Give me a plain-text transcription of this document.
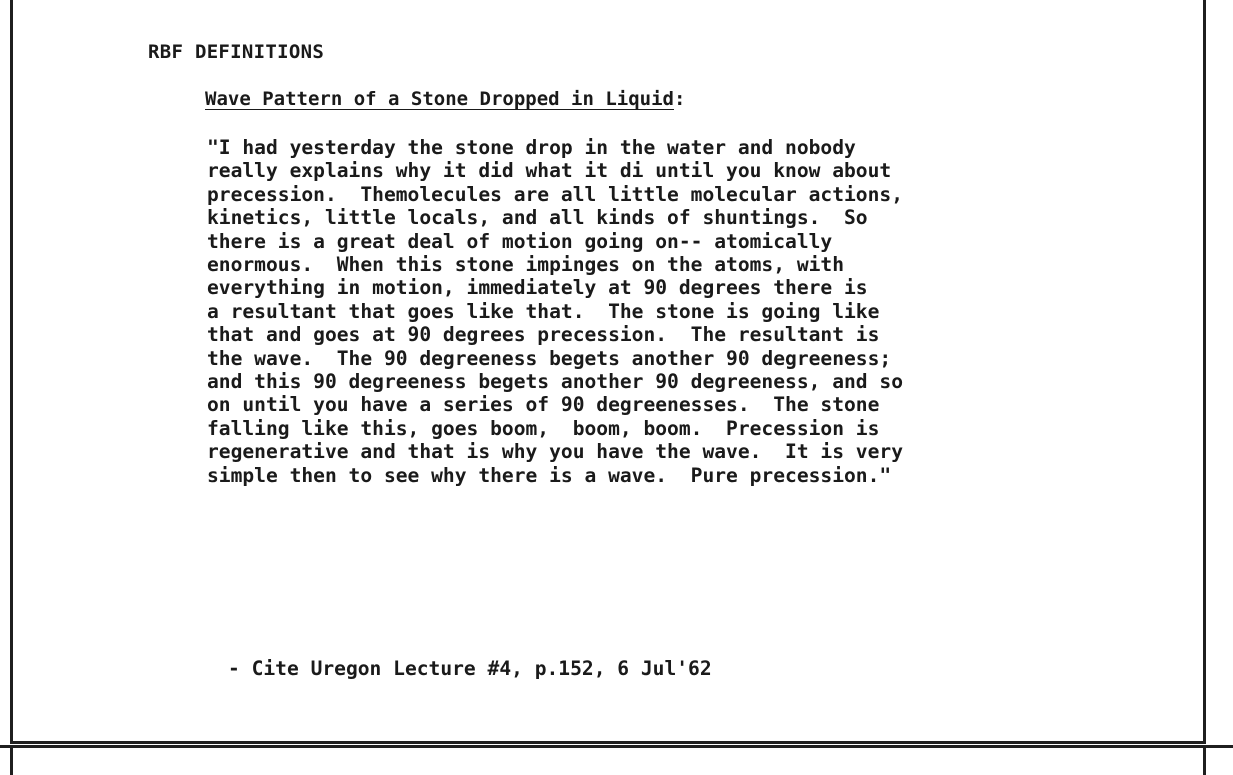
RBF DEFINITIONS
Wave Pattern of a Stone Dropped in Liquid:
"I had yesterday the stone drop in the water and nobody
really explains why it did what it di until you know about
precession.  Themolecules are all little molecular actions,
kinetics, little locals, and all kinds of shuntings.  So
there is a great deal of motion going on-- atomically
enormous.  When this stone impinges on the atoms, with
everything in motion, immediately at 90 degrees there is
a resultant that goes like that.  The stone is going like
that and goes at 90 degrees precession.  The resultant is
the wave.  The 90 degreeness begets another 90 degreeness;
and this 90 degreeness begets another 90 degreeness, and so
on until you have a series of 90 degreenesses.  The stone
falling like this, goes boom,  boom, boom.  Precession is
regenerative and that is why you have the wave.  It is very
simple then to see why there is a wave.  Pure precession."
- Cite Uregon Lecture #4, p.152, 6 Jul'62
